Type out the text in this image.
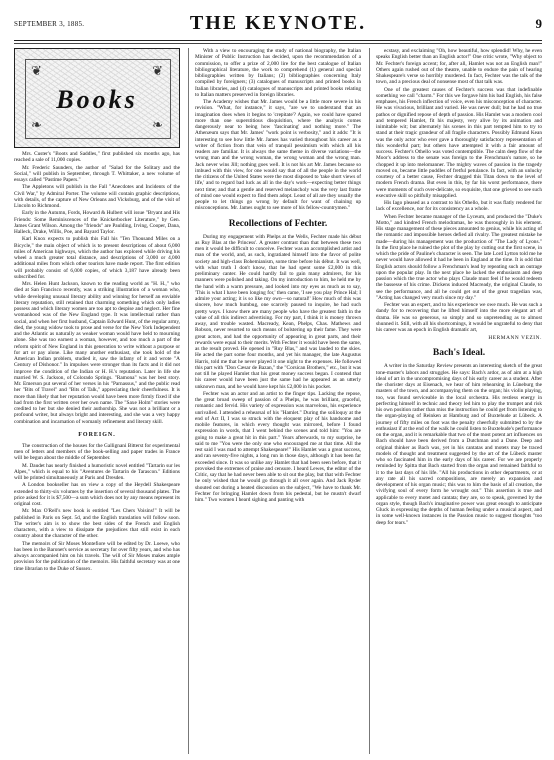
SEPTEMBER 3, 1885.	THE KEYNOTE.	9
❦	❦
❧	❧
Books

Mrs. Custer's "Boots and Saddles," first published six months ago, has reached a sale of 11,000 copies.

Mr. Frederic Saunders, the author of "Salad for the Solitary and the Social," will publish in September, through T. Whittaker, a new volume of essays called "Pastime Papers."

The Appletons will publish in the Fall "Anecdotes and Incidents of the Civil War," by Admiral Porter. The volume will contain graphic descriptions, with details, of the capture of New Orleans and Vicksburg, and of the visit of Lincoln to Richmond.

Early in the Autumn, Fords, Howard & Hulbert will issue "Bryant and His Friends: Some Reminiscences of the Knickerbocker Literature," by Gen. James Grant Wilson. Among the "friends" are Paulding, Irving, Cooper, Dana, Halleck, Drake, Willis, Poe, and Bayard Taylor.

Karl Knox expects to publish this Fall his "Ten Thousand Miles on a Bicycle," the main object of which is to present descriptions of about 6,000 miles of American highways, which the author has explored while driving his wheel a much greater total distance, and descriptions of 3,000 or 4,000 additional miles from which other tourists have made report. The first edition will probably consist of 6,000 copies, of which 3,187 have already been subscribed for.

Mrs. Helen Hunt Jackson, known to the reading world as "H. H.," who died at San Francisco recently, was a striking illustration of a woman who, while developing unusual literary ability and winning for herself an enviable literary reputation, still retained that charming something which only ladies possess and which literary women are too apt to despise and neglect. Her fine womanhood was of the New England type. It was intellectual rather than social, and when her first husband, Captain Edward Hunt, of the regular army, died, the young widow took to prose and verse for the New York Independent and the Atlantic as naturally as weaker woman would have held to mourning alone. She was too earnest a woman, however, and too much a part of the reform spirit of New England in this generation to write without a purpose or for art or pay alone. Like many another enthusiast, she took hold of the American Indian problem, studied it, saw the infamy of it and wrote "A Century of Dishonor." In impulses were stronger than its facts and it did not improve the condition of the Indian or H. H.'s reputation. Later in life she married W. S. Jackson, of Colorado Springs. "Ramona" was her best story. Mr. Emerson put several of her verses in his "Parnassus," and the public read her "Bits of Travel" and "Bits of Talk," appreciating their cheerfulness. It is more than likely that her reputation would have been more firmly fixed if she had from the first written over her own name. The "Saxe Holm" stories were credited to her but she denied their authorship. She was not a brilliant or a profound writer, but always bright and interesting, and she was a very happy combination and incarnation of womanly refinement and literary skill.

FOREIGN.

The construction of the houses for the Gallignani Bitterst for experimental men of letters and members of the book-selling and paper trades in France will be begun about the middle of September.

M. Daudet has nearly finished a humoristic novel entitled "Tartarin sur les Alpes," which is equal to his "Aventures de Tartarin de Tarascon." Editions will be printed simultaneously at Paris and Dresden.

A London bookseller has on view a copy of the Heydell Shakespeare extended to thirty-six volumes by the insertion of several thousand plates. The price asked for it is $7,500—a sum which does not by any means represent its original cost.

Mr. Max O'Rell's new book is entitled "Les Chers Voisins!" It will be published in Paris on Sept. 5d, and the English translation will follow soon. The writer's aim is to show the best sides of the French and English characters, with a view to dissipate the prejudices that still exist in each country about the character of the other.

The memoirs of Sir Moses Montefiore will be edited by Dr. Loewe, who has been in the Baronet's service as secretary for over fifty years, and who has always accompanied him on his travels. The will of Sir Moses makes ample provision for the publication of the memoirs. His faithful secretary was at one time librarian to the Duke of Sussex.

With a view to encouraging the study of national biography, the Italian Minister of Public Instruction has decided, upon the recommendation of a commission, to offer a prize of 2,000 lire for the best catalogue of Italian bibliographical literature, the work to comprehend (1) general and special bibliographies written by Italians; (2) bibliographies concerning Italy compiled by foreigners; (3) catalogues of manuscripts and printed books in Italian libraries, and (4) catalogues of manuscripts and printed books relating to Italian matters preserved in foreign libraries.

The Academy wishes that Mr. James would be a little more severe in his revision. "What, for instance," it says, "are we to understand that an imagination does when it begins to 'crepitate'? Again, we could have spared more than one superstitious disquisition, where the analysis comes dangerously near to being how 'fascinating' and nothing more." The Athenæum says that Mr. James' "work point is verbosity," and it adds: "It is interesting to see how little Mr. James has varied throughout his career as a writer of fiction from that vein of tranquil pessimism with which all his readers are familiar. It is always the same theme in diverse variations—the wrong man and the wrong woman, the wrong woman and the wrong man. Jack never wins Jill; nothing goes well. It is not his art Mr. James because so imbued with this view, for one would say that of all the people in the world the citizens of the United States were the most disposed to 'take short views of life,' and to regard bad luck as all in the day's work—expecting better things next time; and that a gentle and reserved melancholy was the very last frame of mind one would expect to find them adopt. Least of all are they usually the people to let things go wrong by default for want of chaining up misconceptions. Mr. James ought to see more of his fellow-countrymen."

Recollections of Fechter.

During my engagement with Phelps at the Wells, Fechter made his début as Ruy Blas at the Princess'. A greater contrast than that between these two men it would be difficult to conceive. Fechter was an accomplished artist and man of the world, and, as such, ingratiated himself into the favor of polite society and high-class Bohemianism, some time before his début. It was well, with what truth I don't know, that he had spent some £2,000 in this preliminary canter. He could hardly fail to gain many admirers, for his manners were polished and taking. On my introduction to him, he held me by the hand with a warm pressure, and looked into my eyes as much as to say, 'This is what I have been longing for,' then came, 'I see you play Prince Hal; I admire your acting; it is so like my own—so natural!' How much of this was sincere, how much humbug, one scarcely paused to inquire, he had such pretty ways. I know there are many people who have the greatest faith in the value of all this indirect advertising. For my part, I think it is money thrown away, and trouble wasted. Macready, Kean, Phelps, Chas. Mathews and Robson, never resorted to such means of bolstering up their fame. They were great actors, and had the opportunity of appearing in great parts, and their rewards were equal to their merits. With Fechter it would have been the same, as the result proved. He opened in "Ruy Blas," and was lauded to the skies. He acted the part some four months, and yet his manager, the late Augustus Harris, told me that he never played it one night to the expenses. He followed this part with "Don Cæsar de Bazan," the "Corsican Brothers," etc., but it was not till he played Hamlet that his great money success began. I contend that his career would have been just the same had he appeared as an utterly unknown man, and he would have kept his £2,000 in his pocket.

Fechter was an actor and an artist to the finger tips. Lacking the repose, the great broad sweep of passion of a Phelps, he was brilliant, graceful, romantic and fervid. His variety of expression was marvelous, his experience unrivalled. I attended a rehearsal of his "Hamlet." During the soliloquy at the end of Act II, I was so struck with the eloquent play of his handsome and mobile features, in which every thought was mirrored, before I found expression in words, that I went behind the scenes and told him: "You are going to make a great hit in this part." Years afterwards, to my surprise, he said to me "You were the only one who encouraged me at that time. All the rest said I was mad to attempt Shakespeare!" His Hamlet was a great success, and ran seventy-five nights, a long run in those days, although it has been far exceeded since. It was so unlike any Hamlet that had been seen before, that it provoked the extremes of praise and censure. I heard Lewes, the editor of the Critic, say that he had never been able to sit out the play, but that with Fechter he only wished that he would go through it all over again. And Jack Ryder shouted out during a heated discussion on the subject, "We have to thank Mr. Fechter for bringing Hamlet down from his pedestal, but he mustn't dwarf him." Two women I heard sighing and panting with

ecstasy, and exclaiming "Oh, how beautiful, how splendid! Why, he even speaks English better than an English actor!" One critic wrote, "Why object to Mr. Fechter's foreign accent; for, after all, Hamlet was not an English man!" Others again rushed out of the theatre, unable to endure the pain of hearing Shakespeare's verse so horribly murdered. In fact, Fechter was the talk of the town, and a precious deal of nonsense most of that talk was.

One of the greatest causes of Fechter's success was that indefinable something we call "charm." For this we forgave him his bad English, his false emphases, his French inflection of voice, even his misconception of character. He was vivacious, brilliant and varied. He was never dull; but he had no true pathos or dignified repose of depth of passion. His Hamlet was a modern cool and tempered Hamlet, fit his majesty, very alive by its animation and inimitable wit; but alternately his scenes in this part tempted him to try to stand at their tragic grandeur of all fragile characters. Possibly Edmund Kean was the only actor who ever gave a thoroughly satisfactory representation of this wonderful part; but others have attempted it with a fair amount of success. Fechter's Othello was voted contemptible. The calm deep flow of the Moor's address to the senate was foreign to the Frenchman's nature, so he chopped it up into melomanner. The mighty waves of passion in the tragedy moved on, became little puddles of fretful petulance. In fact, with an unlucky courtesy of a better cause, Fechter dragged this Titan down to the level of modern French drama. But even in this, by far his worst performance, there were moments of such over-delicate, so exquisite, that one grieved to see such executive skill so pitifully misapplied.

His Iago pleased as a contrast to his Othello, but it was flatly rendered for lack of excellence, nor for its consistency as a whole.

When Fechter became manager of the Lyceum, and produced the "Duke's Motto," and kindred French melodramas, he was thoroughly in his element. His stage management of these pieces amounted to genius, while his acting of the romantic and impossible heroes defied all rivalry. The greatest mistake he made—during his management was the production of "The Lady of Lyons." In the first place he ruined the plot of the play by cutting out the first scene, in which the pride of Pauline's character is seen. The late Lord Lytton told me he never would have allowed it had he been in England at the time. It is odd that English actors should follow a Frenchman's lead by repeating such an outrage upon the popular play. In the next place he lacked the enthusiasm and deep passion which the true actor who plays Claude must feel if he would redeem the bassesse of his crime. Dickens induced Macready, the original Claude, to see the performance, and all he could get out of the great tragedian was, "Acting has changed very much since my day."

Fechter was an expert, and to his experience we owe much. He was such a dandy for to recovering that he lifted himself into the more elegant art of drama. He was so generous, so simply and so unpretending as to almost shunned it. Still, with all his shortcomings, it would be ungrateful to deny that his career was an epoch in English dramatic art,

HERMANN VEZIN.
Bach's Ideal.

A writer in the Saturday Review presents an interesting sketch of the great tone-master's labors and struggles. He says: Bach's ardor, as of aim at a high ideal of art in the uncompromising days of his early career as a student. After the chorister days at Eisenach, we hear of him rehearsing in Lüneburg the masters of the town, and accompanying them on the organ; his violin playing, too, was found serviceable in the local orchestra. His restless energy in perfecting himself in technic and theory led him to play the trumpet and risk his own position rather than miss the instruction he could get from listening to the organ-playing of Reinken at Hamburg and of Buxtehude at Lübeck. A journey of fifty miles on foot was the penalty cheerfully submitted to by the enthusiast if at the end of the walk he could listen to Buxtehude's performance on the organ, and it is remarkable that two of the most potent art influences on Bach should have been derived from a Dutchman and a Dane. Deep and original thinker as Bach was, yet in his cantatas and motets may be traced models of thought and treatment suggested by the art of the Lübeck master who so fascinated him in the early days of his career. For we are properly reminded by Spitta that Bach started from the organ and remained faithful to it to the last days of his life. "All his productions in other departments, or at any rate all his sacred compositions, are merely an expansion and development of his organ music; this was to him the basis of all creation, the vivifying soul of every form he wrought out." This assertion is true and applicable to every motet and cantata; they are, so to speak, governed by the organ style, though Bach's imaginative power was great enough to anticipate Gluck in expressing the depths of human feeling under a musical aspect, and in some well-known instances in the Passion music to suggest thoughts "too deep for tears."
